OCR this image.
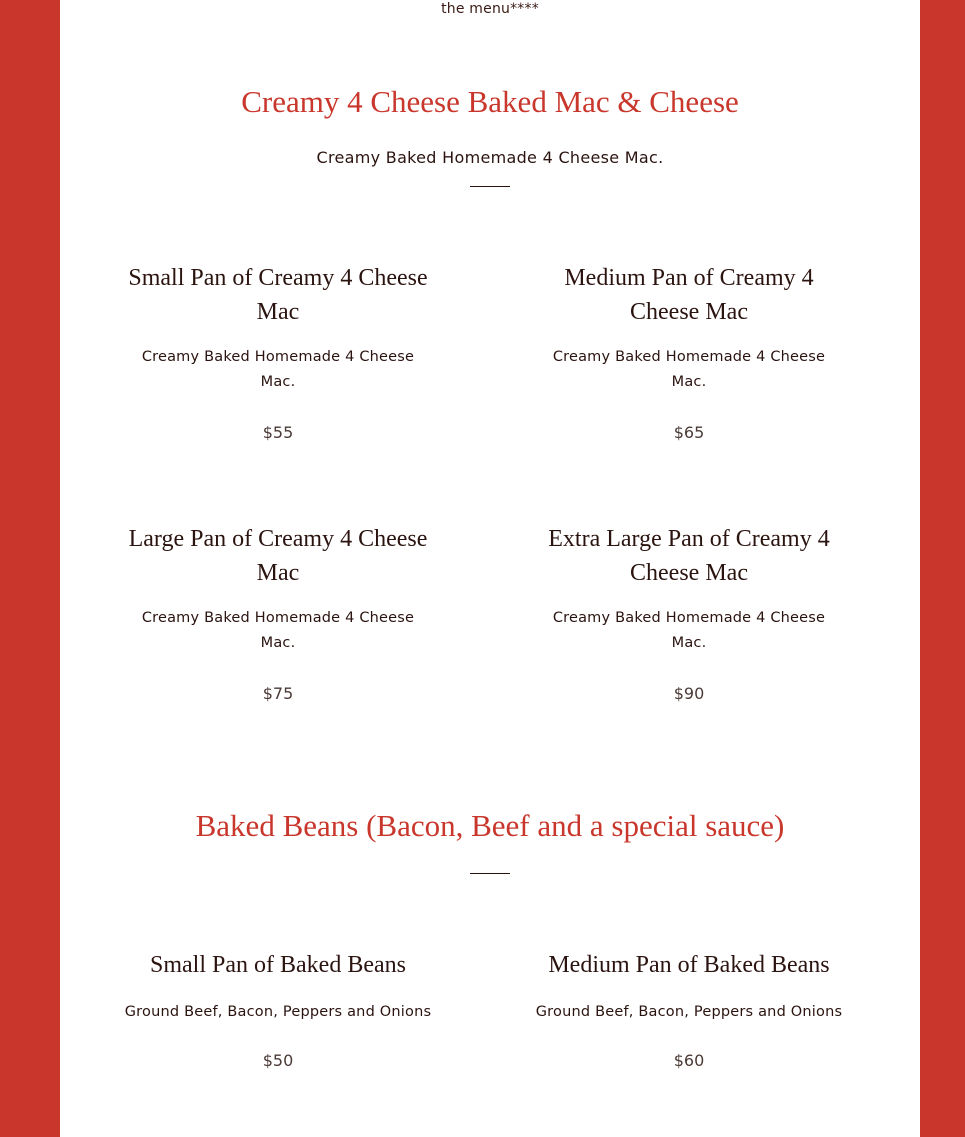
the menu****
Creamy 4 Cheese Baked Mac & Cheese
Creamy Baked Homemade 4 Cheese Mac.
Small Pan of Creamy 4 Cheese Mac
Creamy Baked Homemade 4 Cheese Mac.
$55
Medium Pan of Creamy 4 Cheese Mac
Creamy Baked Homemade 4 Cheese Mac.
$65
Large Pan of Creamy 4 Cheese Mac
Creamy Baked Homemade 4 Cheese Mac.
$75
Extra Large Pan of Creamy 4 Cheese Mac
Creamy Baked Homemade 4 Cheese Mac.
$90
Baked Beans (Bacon, Beef and a special sauce)
Small Pan of Baked Beans
Ground Beef, Bacon, Peppers and Onions
$50
Medium Pan of Baked Beans
Ground Beef, Bacon, Peppers and Onions
$60
